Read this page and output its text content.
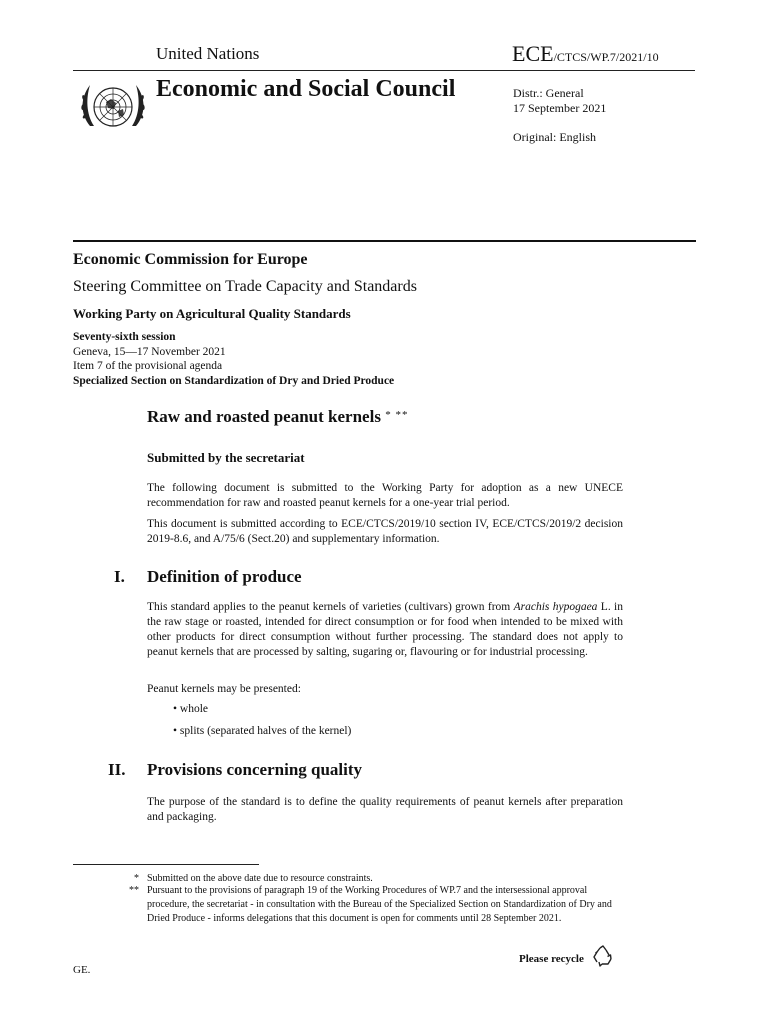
United Nations	ECE/CTCS/WP.7/2021/10
Economic and Social Council	Distr.: General
17 September 2021
Original: English
Economic Commission for Europe
Steering Committee on Trade Capacity and Standards
Working Party on Agricultural Quality Standards
Seventy-sixth session
Geneva, 15—17 November 2021
Item 7 of the provisional agenda
Specialized Section on Standardization of Dry and Dried Produce
Raw and roasted peanut kernels * **
Submitted by the secretariat
The following document is submitted to the Working Party for adoption as a new UNECE recommendation for raw and roasted peanut kernels for a one-year trial period.
This document is submitted according to ECE/CTCS/2019/10 section IV, ECE/CTCS/2019/2 decision 2019-8.6, and A/75/6 (Sect.20) and supplementary information.
I. Definition of produce
This standard applies to the peanut kernels of varieties (cultivars) grown from Arachis hypogaea L. in the raw stage or roasted, intended for direct consumption or for food when intended to be mixed with other products for direct consumption without further processing. The standard does not apply to peanut kernels that are processed by salting, sugaring or, flavouring or for industrial processing.
Peanut kernels may be presented:
• whole
• splits (separated halves of the kernel)
II. Provisions concerning quality
The purpose of the standard is to define the quality requirements of peanut kernels after preparation and packaging.
* Submitted on the above date due to resource constraints.
** Pursuant to the provisions of paragraph 19 of the Working Procedures of WP.7 and the intersessional approval procedure, the secretariat - in consultation with the Bureau of the Specialized Section on Standardization of Dry and Dried Produce - informs delegations that this document is open for comments until 28 September 2021.
GE.
Please recycle
